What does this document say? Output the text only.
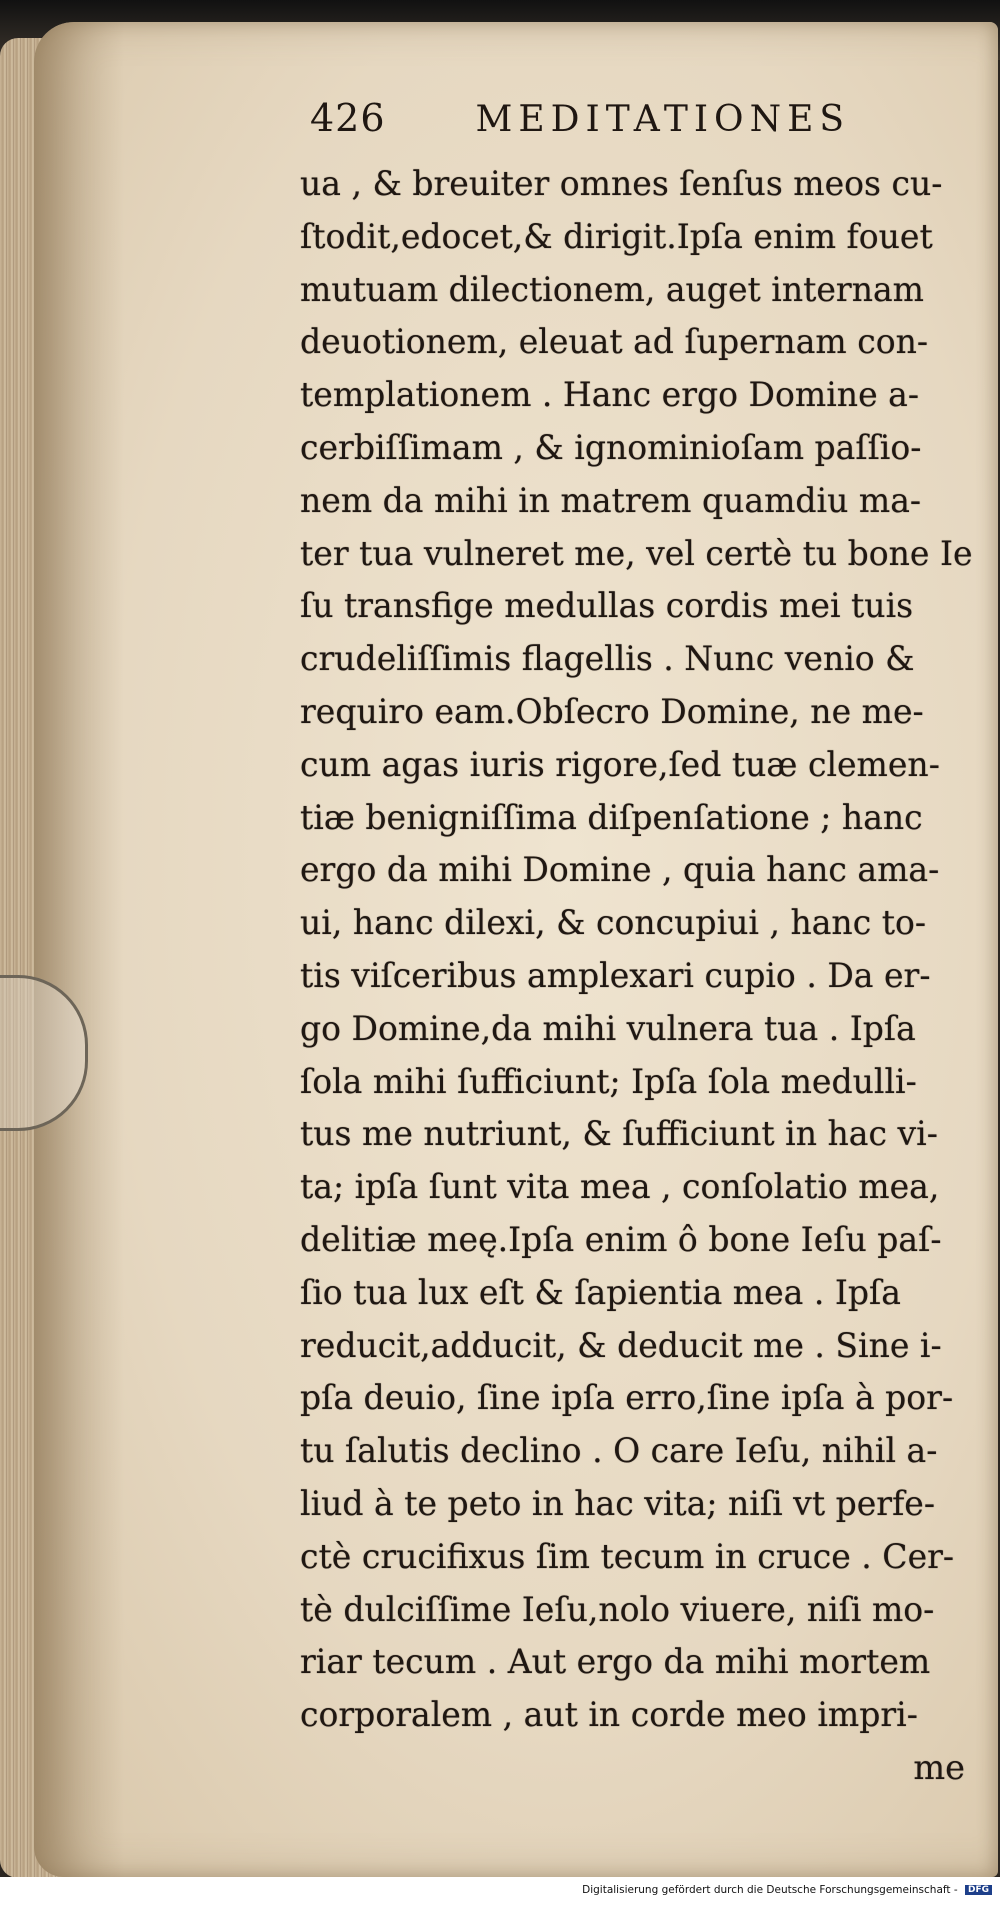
426	MEDITATIONES
ua , & breuiter omnes ſenſus meos cu-
ſtodit,edocet,& dirigit.Ipſa enim fouet
mutuam dilectionem, auget internam
deuotionem, eleuat ad ſupernam con-
templationem . Hanc ergo Domine a-
cerbiſſimam , & ignominioſam paſſio-
nem da mihi in matrem quamdiu ma-
ter tua vulneret me, vel certè tu bone Ie
ſu transfige medullas cordis mei tuis
crudeliſſimis flagellis . Nunc venio &
requiro eam.Obſecro Domine, ne me-
cum agas iuris rigore,ſed tuæ clemen-
tiæ benigniſſima diſpenſatione ; hanc
ergo da mihi Domine , quia hanc ama-
ui, hanc dilexi, & concupiui , hanc to-
tis viſceribus amplexari cupio . Da er-
go Domine,da mihi vulnera tua . Ipſa
ſola mihi ſufficiunt; Ipſa ſola medulli-
tus me nutriunt, & ſufficiunt in hac vi-
ta; ipſa ſunt vita mea , conſolatio mea,
delitiæ meę.Ipſa enim ô bone Ieſu paſ-
ſio tua lux eſt & ſapientia mea . Ipſa
reducit,adducit, & deducit me . Sine i-
pſa deuio, ſine ipſa erro,ſine ipſa à por-
tu ſalutis declino . O care Ieſu, nihil a-
liud à te peto in hac vita; niſi vt perfe-
ctè crucifixus ſim tecum in cruce . Cer-
tè dulciſſime Ieſu,nolo viuere, niſi mo-
riar tecum . Aut ergo da mihi mortem
corporalem , aut in corde meo impri-
me
Digitalisierung gefördert durch die Deutsche Forschungsgemeinschaft - DFG
